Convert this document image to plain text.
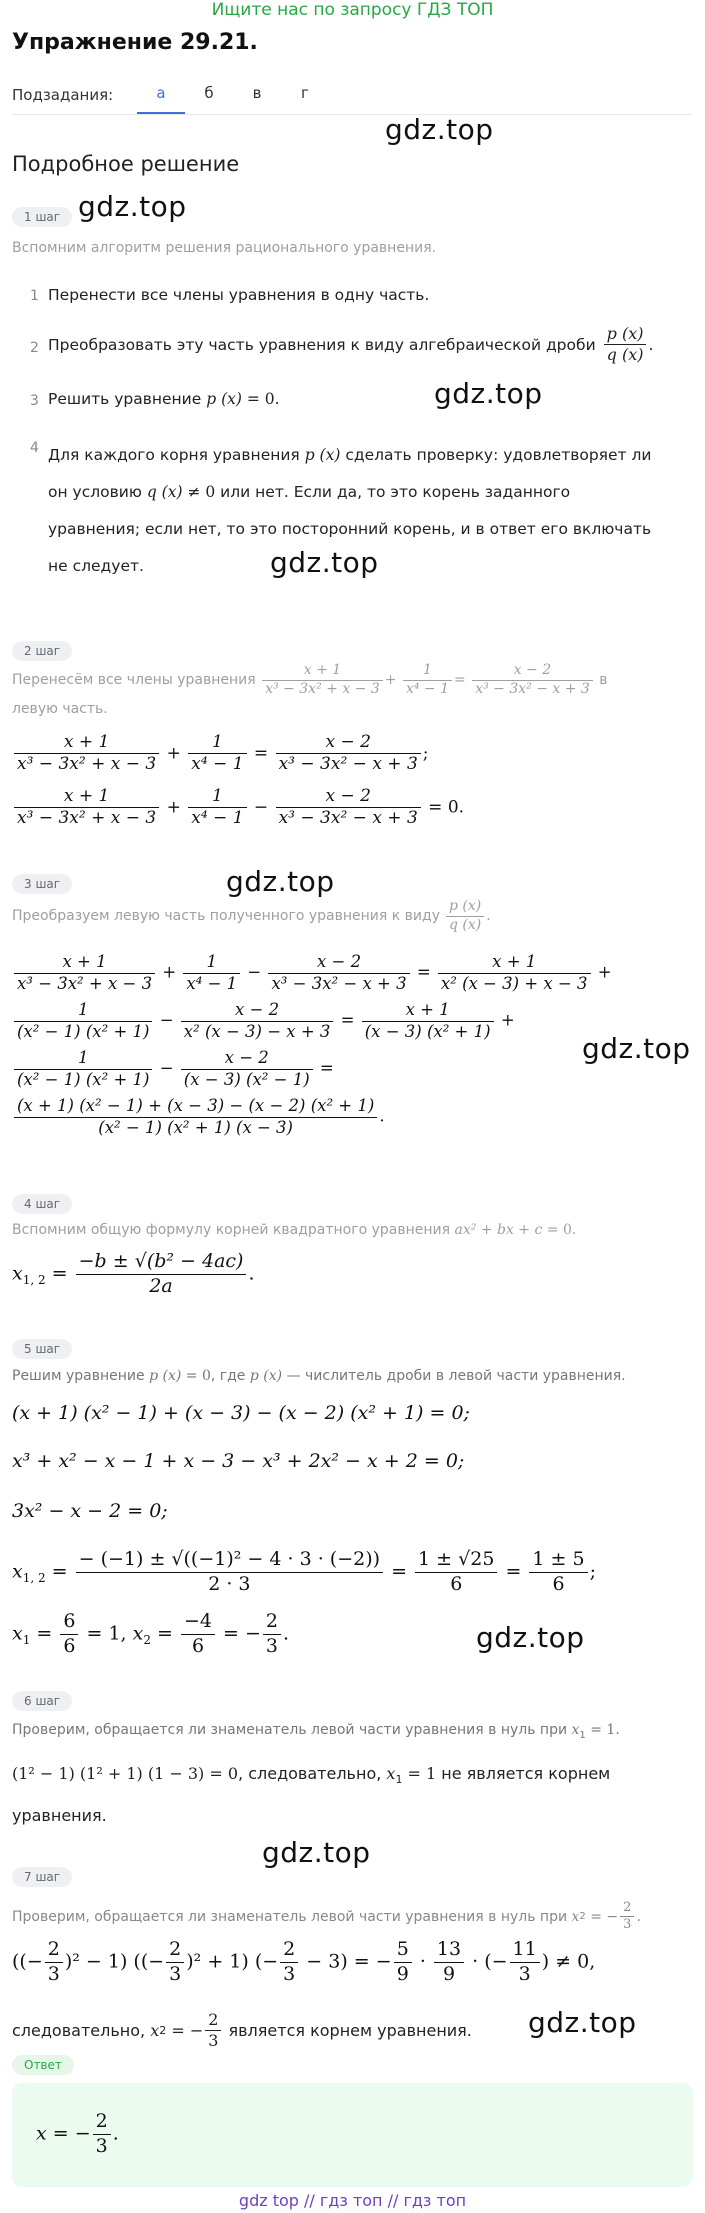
Ищите нас по запросу ГДЗ ТОП
Упражнение 29.21.
Подзадания:	а	б	в	г
Подробное решение
gdz.top
gdz.top
gdz.top
gdz.top
gdz.top
gdz.top
gdz.top
gdz.top
gdz.top
1 шаг
Вспомним алгоритм решения рационального уравнения.
1 Перенести все члены уравнения в одну часть.
2 Преобразовать эту часть уравнения к виду алгебраической дроби $\frac{p (x)}{q (x)}$ .
3 Решить уравнение p (x) = 0.
4 Для каждого корня уравнения p (x) сделать проверку: удовлетворяет ли
он условию q (x) ≠ 0 или нет. Если да, то это корень заданного
уравнения; если нет, то это посторонний корень, и в ответ его включать
не следует.
2 шаг
Перенесём все члены уравнения $\frac{x + 1}{\text{x³ − 3x² + x − 3}} + \frac{1}{\text{x⁴ − 1}} = \frac{x - 2}{\text{x³ − 3x² − x + 3}}$ в
левую часть.
$\frac{x + 1}{\text{x³ − 3x² + x − 3}} + \frac{1}{\text{x⁴ − 1}} = \frac{x - 2}{\text{x³ − 3x² − x + 3}}$ ;
$\frac{x + 1}{\text{x³ − 3x² + x − 3}} + \frac{1}{\text{x⁴ − 1}} - \frac{x - 2}{\text{x³ − 3x² − x + 3}} = 0$.
3 шаг
Преобразуем левую часть полученного уравнения к виду $\frac{p (x)}{q (x)}$ .
$\frac{x + 1}{\text{x³ − 3x² + x − 3}} + \frac{1}{\text{x⁴ − 1}} - \frac{x - 2}{\text{x³ − 3x² − x + 3}} = \frac{x + 1}{\text{x² (x − 3) + x − 3}}$ +
$\frac{1}{\text{(x² − 1) (x² + 1)}} - \frac{x - 2}{\text{x² (x − 3) − x + 3}} = \frac{x + 1}{\text{(x − 3) (x² + 1)}}$ +
$\frac{1}{\text{(x² − 1) (x² + 1)}} - \frac{x - 2}{\text{(x − 3) (x² − 1)}}$ =
$\frac{\text{(x + 1) (x² − 1) + (x − 3) − (x − 2) (x² + 1)}}{\text{(x² − 1) (x² + 1) (x − 3)}}$ .
4 шаг
Вспомним общую формулу корней квадратного уравнения ax² + bx + c = 0.
$x_{1, 2} = \frac{\text{−b ± √(b² − 4ac)}}{2a}$ .
5 шаг
Решим уравнение p (x) = 0, где p (x) — числитель дроби в левой части уравнения.
(x + 1) (x² − 1) + (x − 3) − (x − 2) (x² + 1) = 0;
x³ + x² − x − 1 + x − 3 − x³ + 2x² − x + 2 = 0;
3x² − x − 2 = 0;
$x_{1, 2} = \frac{\text{− (−1) ± √((−1)² − 4 · 3 · (−2))}}{2 \cdot 3} = \frac{1 \pm √25}{6} = \frac{1 \pm 5}{6}$ ;
$x_1 = \frac{6}{6} = 1$, $x_2 = \frac{-4}{6}$ = − $\frac{2}{3}$ .
6 шаг
Проверим, обращается ли знаменатель левой части уравнения в нуль при $x_1 = 1$.
(1² − 1) (1² + 1) (1 − 3) = 0, следовательно, $x_1 = 1$ не является корнем
уравнения.
7 шаг
Проверим, обращается ли знаменатель левой части уравнения в нуль при
x 2 = − $\frac{2}{3}$ .
((− $\frac{2}{3} )^2 - 1$) ((− $\frac{2}{3} )^2 + 1$) (− $\frac{2}{3} - 3$) = − $\frac{5}{9} \cdot \frac{13}{9}$ · (− $\frac{11}{3}$ ) ≠ 0,
следовательно,
x 2 = − $\frac{2}{3}$
является корнем уравнения.
Ответ
x = − $\frac{2}{3}$ .
gdz top // гдз топ // гдз топ
